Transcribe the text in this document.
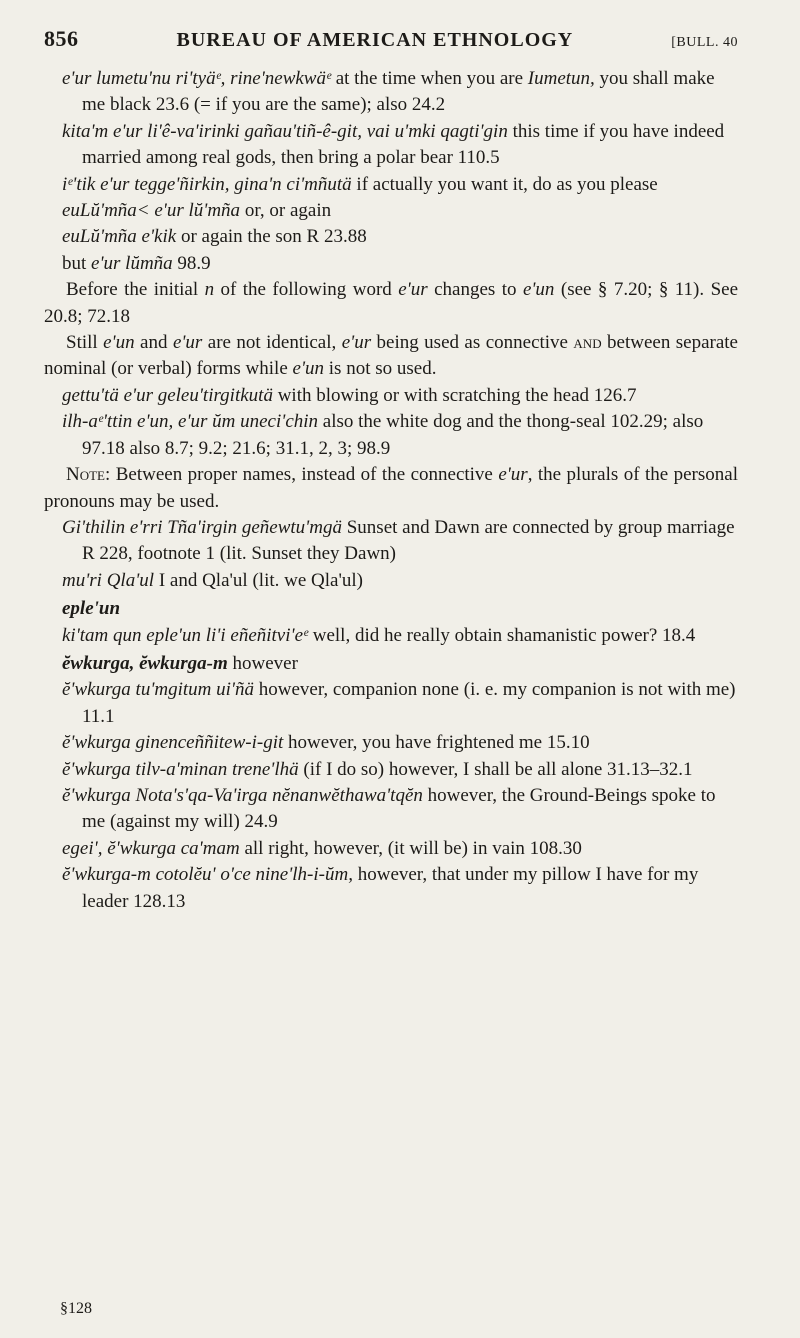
856	BUREAU OF AMERICAN ETHNOLOGY	[BULL. 40

e'ur lumetu'nu ri'tyäᵉ, rine'newkwäᵉ at the time when you are Iumetun, you shall make me black 23.6 (= if you are the same); also 24.2

kita'm e'ur li'ê-va'irinki gañau'tiñ-ê-git, vai u'mki qagti'gin this time if you have indeed married among real gods, then bring a polar bear 110.5

iᵉ'tik e'ur tegge'ñirkin, gina'n ci'mñutä if actually you want it, do as you please

euLŭ'mña< e'ur lŭ'mña or, or again

euLŭ'mña e'kik or again the son R 23.88

but e'ur lŭmña 98.9

Before the initial n of the following word e'ur changes to e'un (see § 7.20; § 11). See 20.8; 72.18

Still e'un and e'ur are not identical, e'ur being used as connective and between separate nominal (or verbal) forms while e'un is not so used.

gettu'tä e'ur geleu'tirgitkutä with blowing or with scratching the head 126.7

ilh-aᵉ'ttin e'un, e'ur ŭm uneci'chin also the white dog and the thong-seal 102.29; also 97.18 also 8.7; 9.2; 21.6; 31.1, 2, 3; 98.9

Note: Between proper names, instead of the connective e'ur, the plurals of the personal pronouns may be used.

Gi'thilin e'rri Tña'irgin geñewtu'mgä Sunset and Dawn are connected by group marriage R 228, footnote 1 (lit. Sunset they Dawn)

mu'ri Qla'ul I and Qla'ul (lit. we Qla'ul)

eple'un

ki'tam qun eple'un li'i eñeñitvi'eᵉ well, did he really obtain shamanistic power? 18.4

ĕwkurga, ĕwkurga-m however

ĕ'wkurga tu'mgitum ui'ñä however, companion none (i. e. my companion is not with me) 11.1

ĕ'wkurga ginencеññitew-i-git however, you have frightened me 15.10

ĕ'wkurga tilv-a'minan trene'lhä (if I do so) however, I shall be all alone 31.13–32.1

ĕ'wkurga Nota's'qa-Va'irga nĕnanwĕthawa'tqĕn however, the Ground-Beings spoke to me (against my will) 24.9

egei', ĕ'wkurga ca'mam all right, however, (it will be) in vain 108.30

ĕ'wkurga-m cotolĕu' o'ce nine'lh-i-ŭm, however, that under my pillow I have for my leader 128.13

§128
